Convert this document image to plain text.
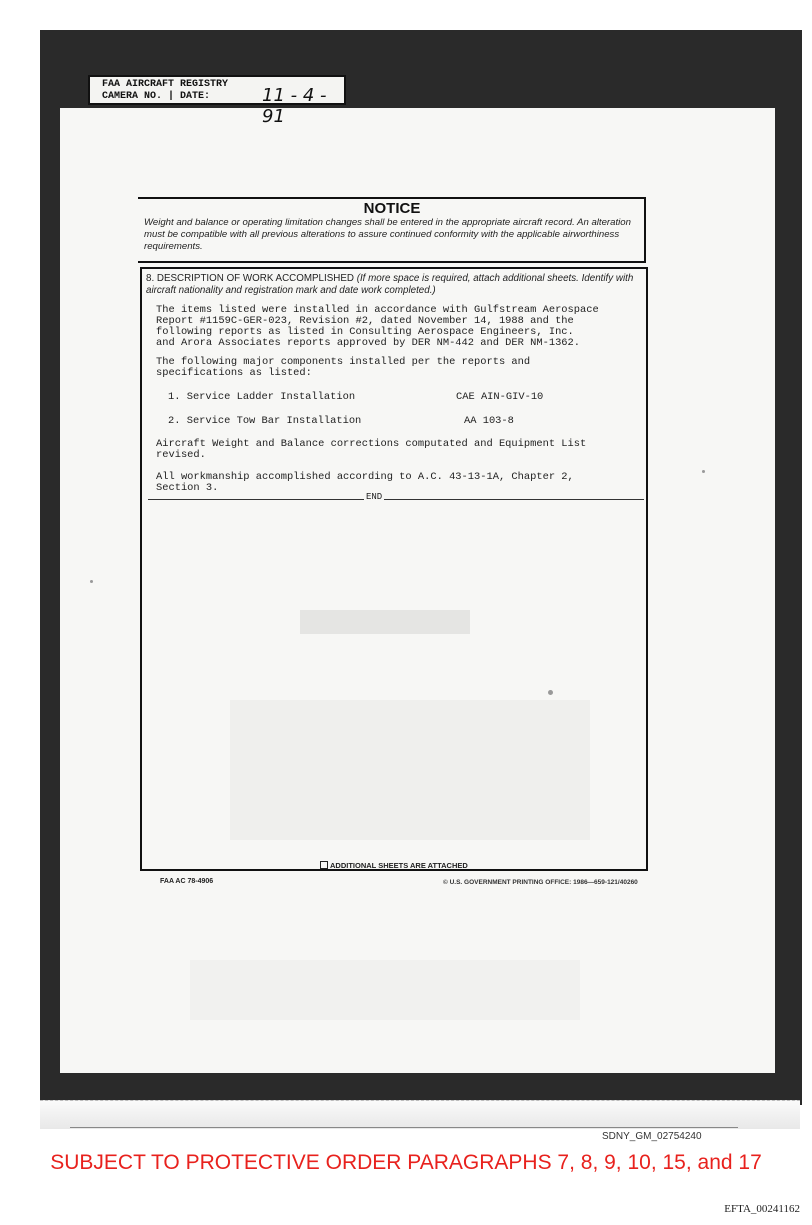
FAA AIRCRAFT REGISTRY
CAMERA NO. | DATE:	11 - 4 - 91
NOTICE
Weight and balance or operating limitation changes shall be entered in the appropriate aircraft record. An alteration must be compatible with all previous alterations to assure continued conformity with the applicable airworthiness requirements.
8. DESCRIPTION OF WORK ACCOMPLISHED (If more space is required, attach additional sheets. Identify with aircraft nationality and registration mark and date work completed.)
The items listed were installed in accordance with Gulfstream Aerospace
Report #1159C-GER-023, Revision #2, dated November 14, 1988 and the
following reports as listed in Consulting Aerospace Engineers, Inc.
and Arora Associates reports approved by DER NM-442 and DER NM-1362.
The following major components installed per the reports and
specifications as listed:
1. Service Ladder Installation	CAE AIN-GIV-10
2. Service Tow Bar Installation	AA 103-8
Aircraft Weight and Balance corrections computated and Equipment List
revised.
All workmanship accomplished according to A.C. 43-13-1A, Chapter 2,
Section 3.
END
ADDITIONAL SHEETS ARE ATTACHED
FAA AC 78-4906	© U.S. GOVERNMENT PRINTING OFFICE: 1986—659-121/40260
SDNY_GM_02754240
SUBJECT TO PROTECTIVE ORDER PARAGRAPHS 7, 8, 9, 10, 15, and 17
EFTA_00241162
